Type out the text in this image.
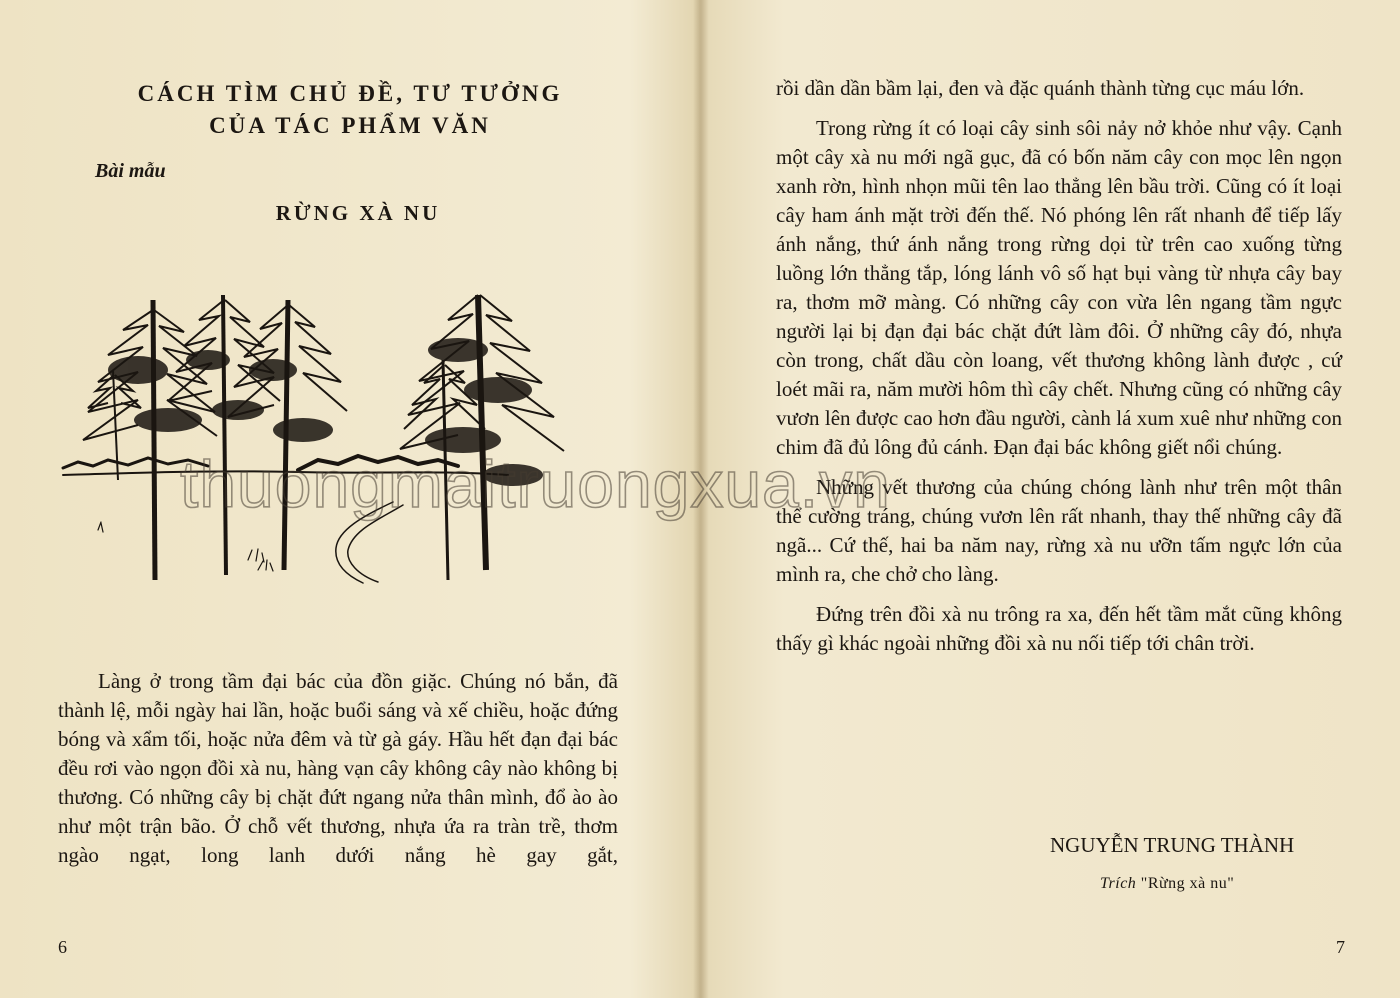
CÁCH TÌM CHỦ ĐỀ, TƯ TƯỞNG
CỦA TÁC PHẨM VĂN
Bài mẫu
RỪNG XÀ NU

Làng ở trong tầm đại bác của đồn giặc. Chúng nó bắn, đã thành lệ, mỗi ngày hai lần, hoặc buổi sáng và xế chiều, hoặc đứng bóng và xẩm tối, hoặc nửa đêm và từ gà gáy. Hầu hết đạn đại bác đều rơi vào ngọn đồi xà nu, hàng vạn cây không cây nào không bị thương. Có những cây bị chặt đứt ngang nửa thân mình, đổ ào ào như một trận bão. Ở chỗ vết thương, nhựa ứa ra tràn trề, thơm ngào ngạt, long lanh dưới nắng hè gay gắt,

6

rồi dần dần bầm lại, đen và đặc quánh thành từng cục máu lớn.

Trong rừng ít có loại cây sinh sôi nảy nở khỏe như vậy. Cạnh một cây xà nu mới ngã gục, đã có bốn năm cây con mọc lên ngọn xanh rờn, hình nhọn mũi tên lao thẳng lên bầu trời. Cũng có ít loại cây ham ánh mặt trời đến thế. Nó phóng lên rất nhanh để tiếp lấy ánh nắng, thứ ánh nắng trong rừng dọi từ trên cao xuống từng luồng lớn thẳng tắp, lóng lánh vô số hạt bụi vàng từ nhựa cây bay ra, thơm mỡ màng. Có những cây con vừa lên ngang tầm ngực người lại bị đạn đại bác chặt đứt làm đôi. Ở những cây đó, nhựa còn trong, chất dầu còn loang, vết thương không lành được , cứ loét mãi ra, năm mười hôm thì cây chết. Nhưng cũng có những cây vươn lên được cao hơn đầu người, cành lá xum xuê như những con chim đã đủ lông đủ cánh. Đạn đại bác không giết nổi chúng.

Những vết thương của chúng chóng lành như trên một thân thể cường tráng, chúng vươn lên rất nhanh, thay thế những cây đã ngã... Cứ thế, hai ba năm nay, rừng xà nu ưỡn tấm ngực lớn của mình ra, che chở cho làng.

Đứng trên đồi xà nu trông ra xa, đến hết tầm mắt cũng không thấy gì khác ngoài những đồi xà nu nối tiếp tới chân trời.

NGUYỄN TRUNG THÀNH
Trích "Rừng xà nu"
7
thuongmaitruongxua.vn
